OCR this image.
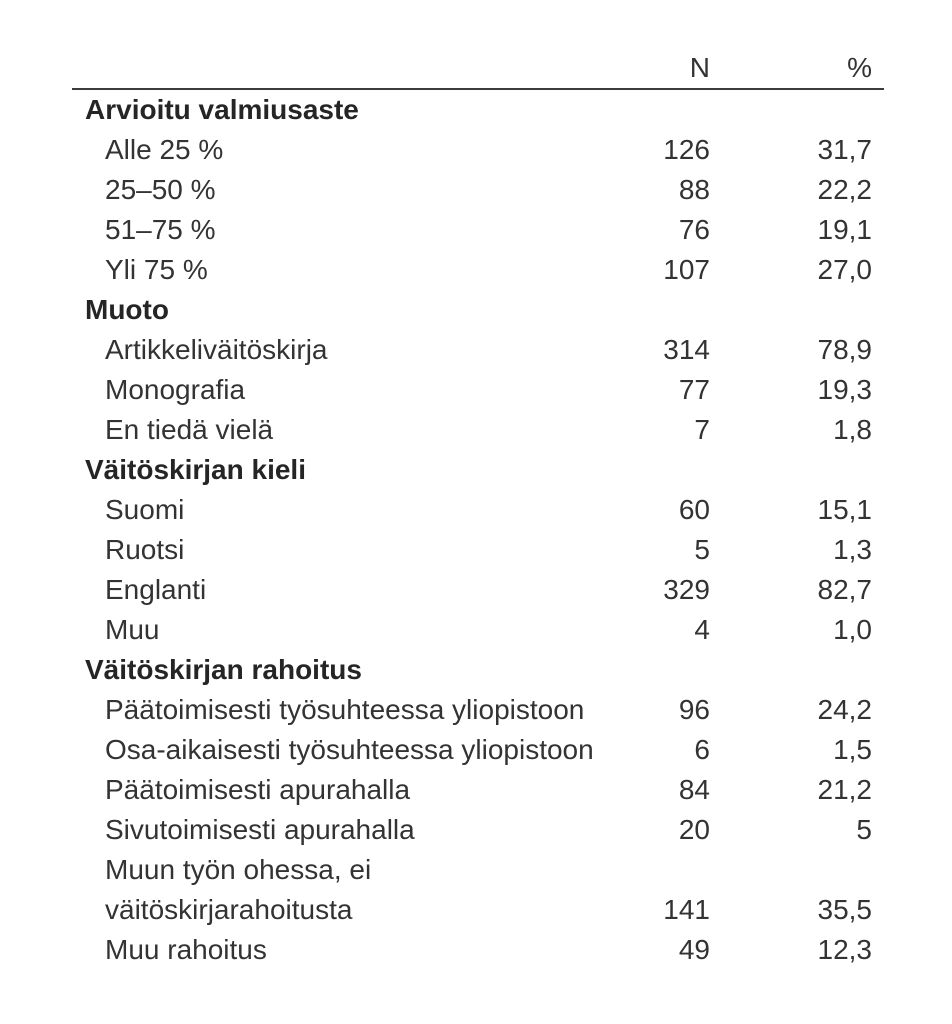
	N	%
Arvioitu valmiusaste		
Alle 25 %	126	31,7
25–50 %	88	22,2
51–75 %	76	19,1
Yli 75 %	107	27,0
Muoto		
Artikkeliväitöskirja	314	78,9
Monografia	77	19,3
En tiedä vielä	7	1,8
Väitöskirjan kieli		
Suomi	60	15,1
Ruotsi	5	1,3
Englanti	329	82,7
Muu	4	1,0
Väitöskirjan rahoitus		
Päätoimisesti työsuhteessa yliopistoon	96	24,2
Osa-aikaisesti työsuhteessa yliopistoon	6	1,5
Päätoimisesti apurahalla	84	21,2
Sivutoimisesti apurahalla	20	5
Muun työn ohessa, ei
väitöskirjarahoitusta	141	35,5
Muu rahoitus	49	12,3
